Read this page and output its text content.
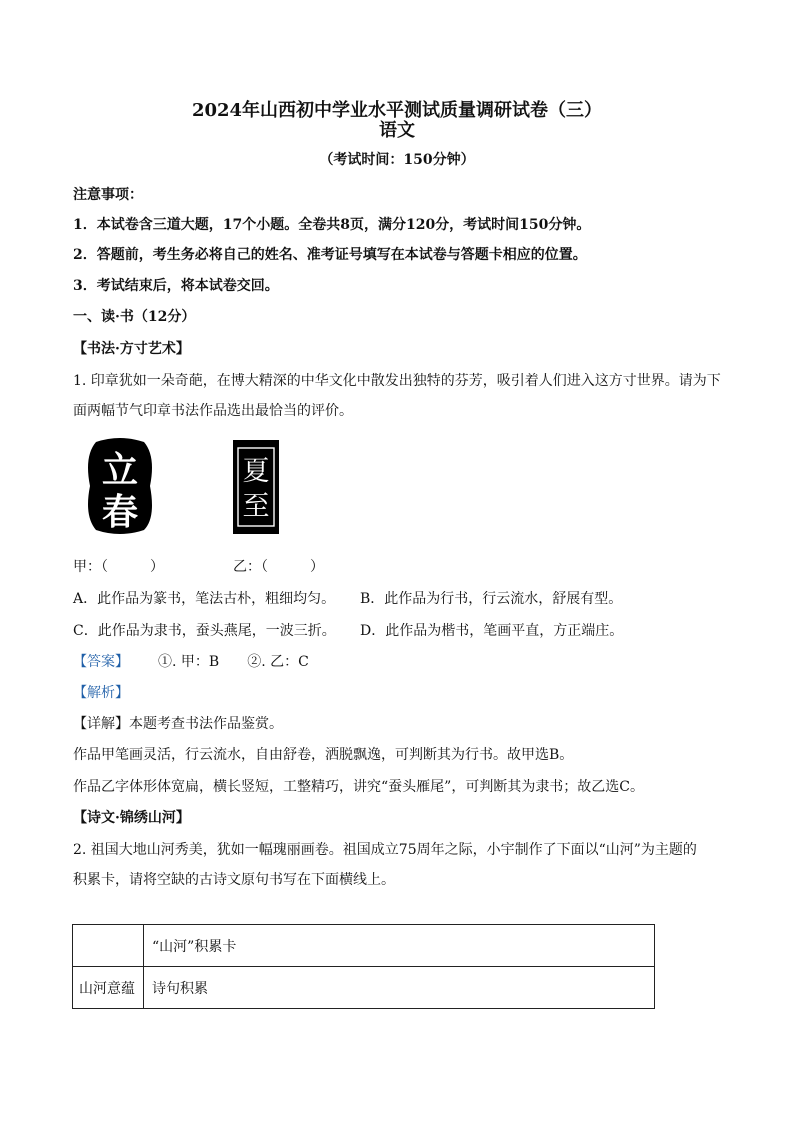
2024年山西初中学业水平测试质量调研试卷（三）
语文
（考试时间：150分钟）
注意事项：
1．本试卷含三道大题，17个小题。全卷共8页，满分120分，考试时间150分钟。
2．答题前，考生务必将自己的姓名、准考证号填写在本试卷与答题卡相应的位置。
3．考试结束后，将本试卷交回。
一、读·书（12分）
【书法·方寸艺术】
1. 印章犹如一朵奇葩，在博大精深的中华文化中散发出独特的芬芳，吸引着人们进入这方寸世界。请为下
面两幅节气印章书法作品选出最恰当的评价。
立
春
夏
至
甲：（　　　）	乙：（　　　）
A．此作品为篆书，笔法古朴，粗细均匀。 B．此作品为行书，行云流水，舒展有型。
C．此作品为隶书，蚕头燕尾，一波三折。 D．此作品为楷书，笔画平直，方正端庄。
【答案】 ①. 甲：B　　②. 乙：C
【解析】
【详解】本题考查书法作品鉴赏。
作品甲笔画灵活，行云流水，自由舒卷，洒脱飘逸，可判断其为行书。故甲选B。
作品乙字体形体宽扁，横长竖短，工整精巧，讲究“蚕头雁尾”，可判断其为隶书；故乙选C。
【诗文·锦绣山河】
2. 祖国大地山河秀美，犹如一幅瑰丽画卷。祖国成立75周年之际，小宇制作了下面以“山河”为主题的
积累卡，请将空缺的古诗文原句书写在下面横线上。
	“山河”积累卡
山河意蕴	诗句积累
